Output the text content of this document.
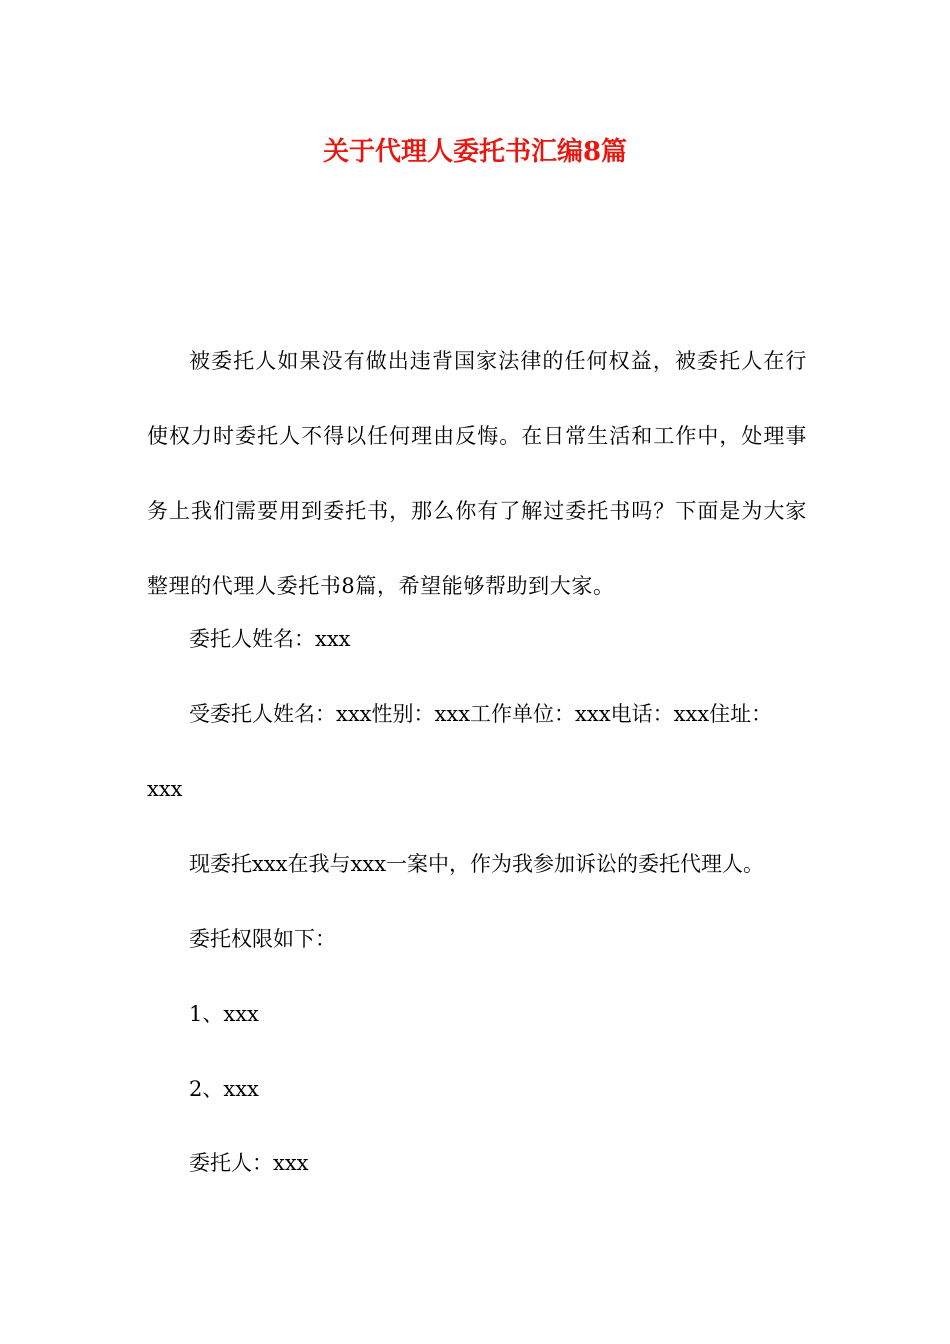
关于代理人委托书汇编8篇

被委托人如果没有做出违背国家法律的任何权益，被委托人在行使权力时委托人不得以任何理由反悔。在日常生活和工作中，处理事务上我们需要用到委托书，那么你有了解过委托书吗？下面是为大家整理的代理人委托书8篇，希望能够帮助到大家。

委托人姓名：xxx
受委托人姓名：xxx性别：xxx工作单位：xxx电话：xxx住址：
xxx
现委托xxx在我与xxx一案中，作为我参加诉讼的委托代理人。
委托权限如下：
1、xxx
2、xxx
委托人：xxx
